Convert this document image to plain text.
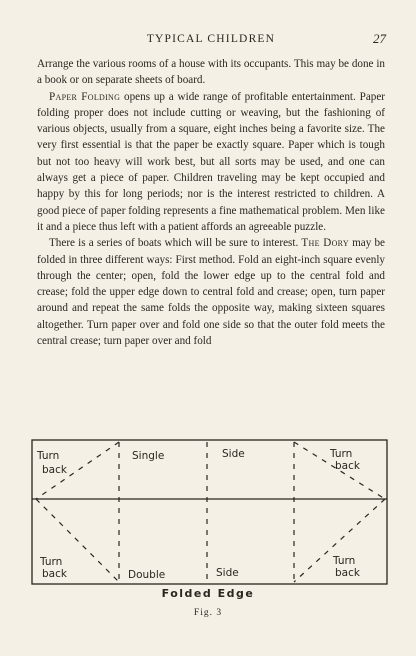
TYPICAL CHILDREN	27

Arrange the various rooms of a house with its occupants. This may be done in a book or on separate sheets of board.

Paper Folding opens up a wide range of profitable entertainment. Paper folding proper does not include cutting or weaving, but the fashioning of various objects, usually from a square, eight inches being a favorite size. The very first essential is that the paper be exactly square. Paper which is tough but not too heavy will work best, but all sorts may be used, and one can always get a piece of paper. Children traveling may be kept occupied and happy by this for long periods; nor is the interest restricted to children. A good piece of paper folding represents a fine mathematical problem. Men like it and a piece thus left with a patient affords an agreeable puzzle.

There is a series of boats which will be sure to interest. The Dory may be folded in three different ways: First method. Fold an eight-inch square evenly through the center; open, fold the lower edge up to the central fold and crease; fold the upper edge down to central fold and crease; open, turn paper around and repeat the same folds the opposite way, making sixteen squares altogether. Turn paper over and fold one side so that the outer fold meets the central crease; turn paper over and fold

Turn
back
Single	Side	Turn
back
Turn
back	Double	Side
Turn
back
Folded Edge
Fig. 3
